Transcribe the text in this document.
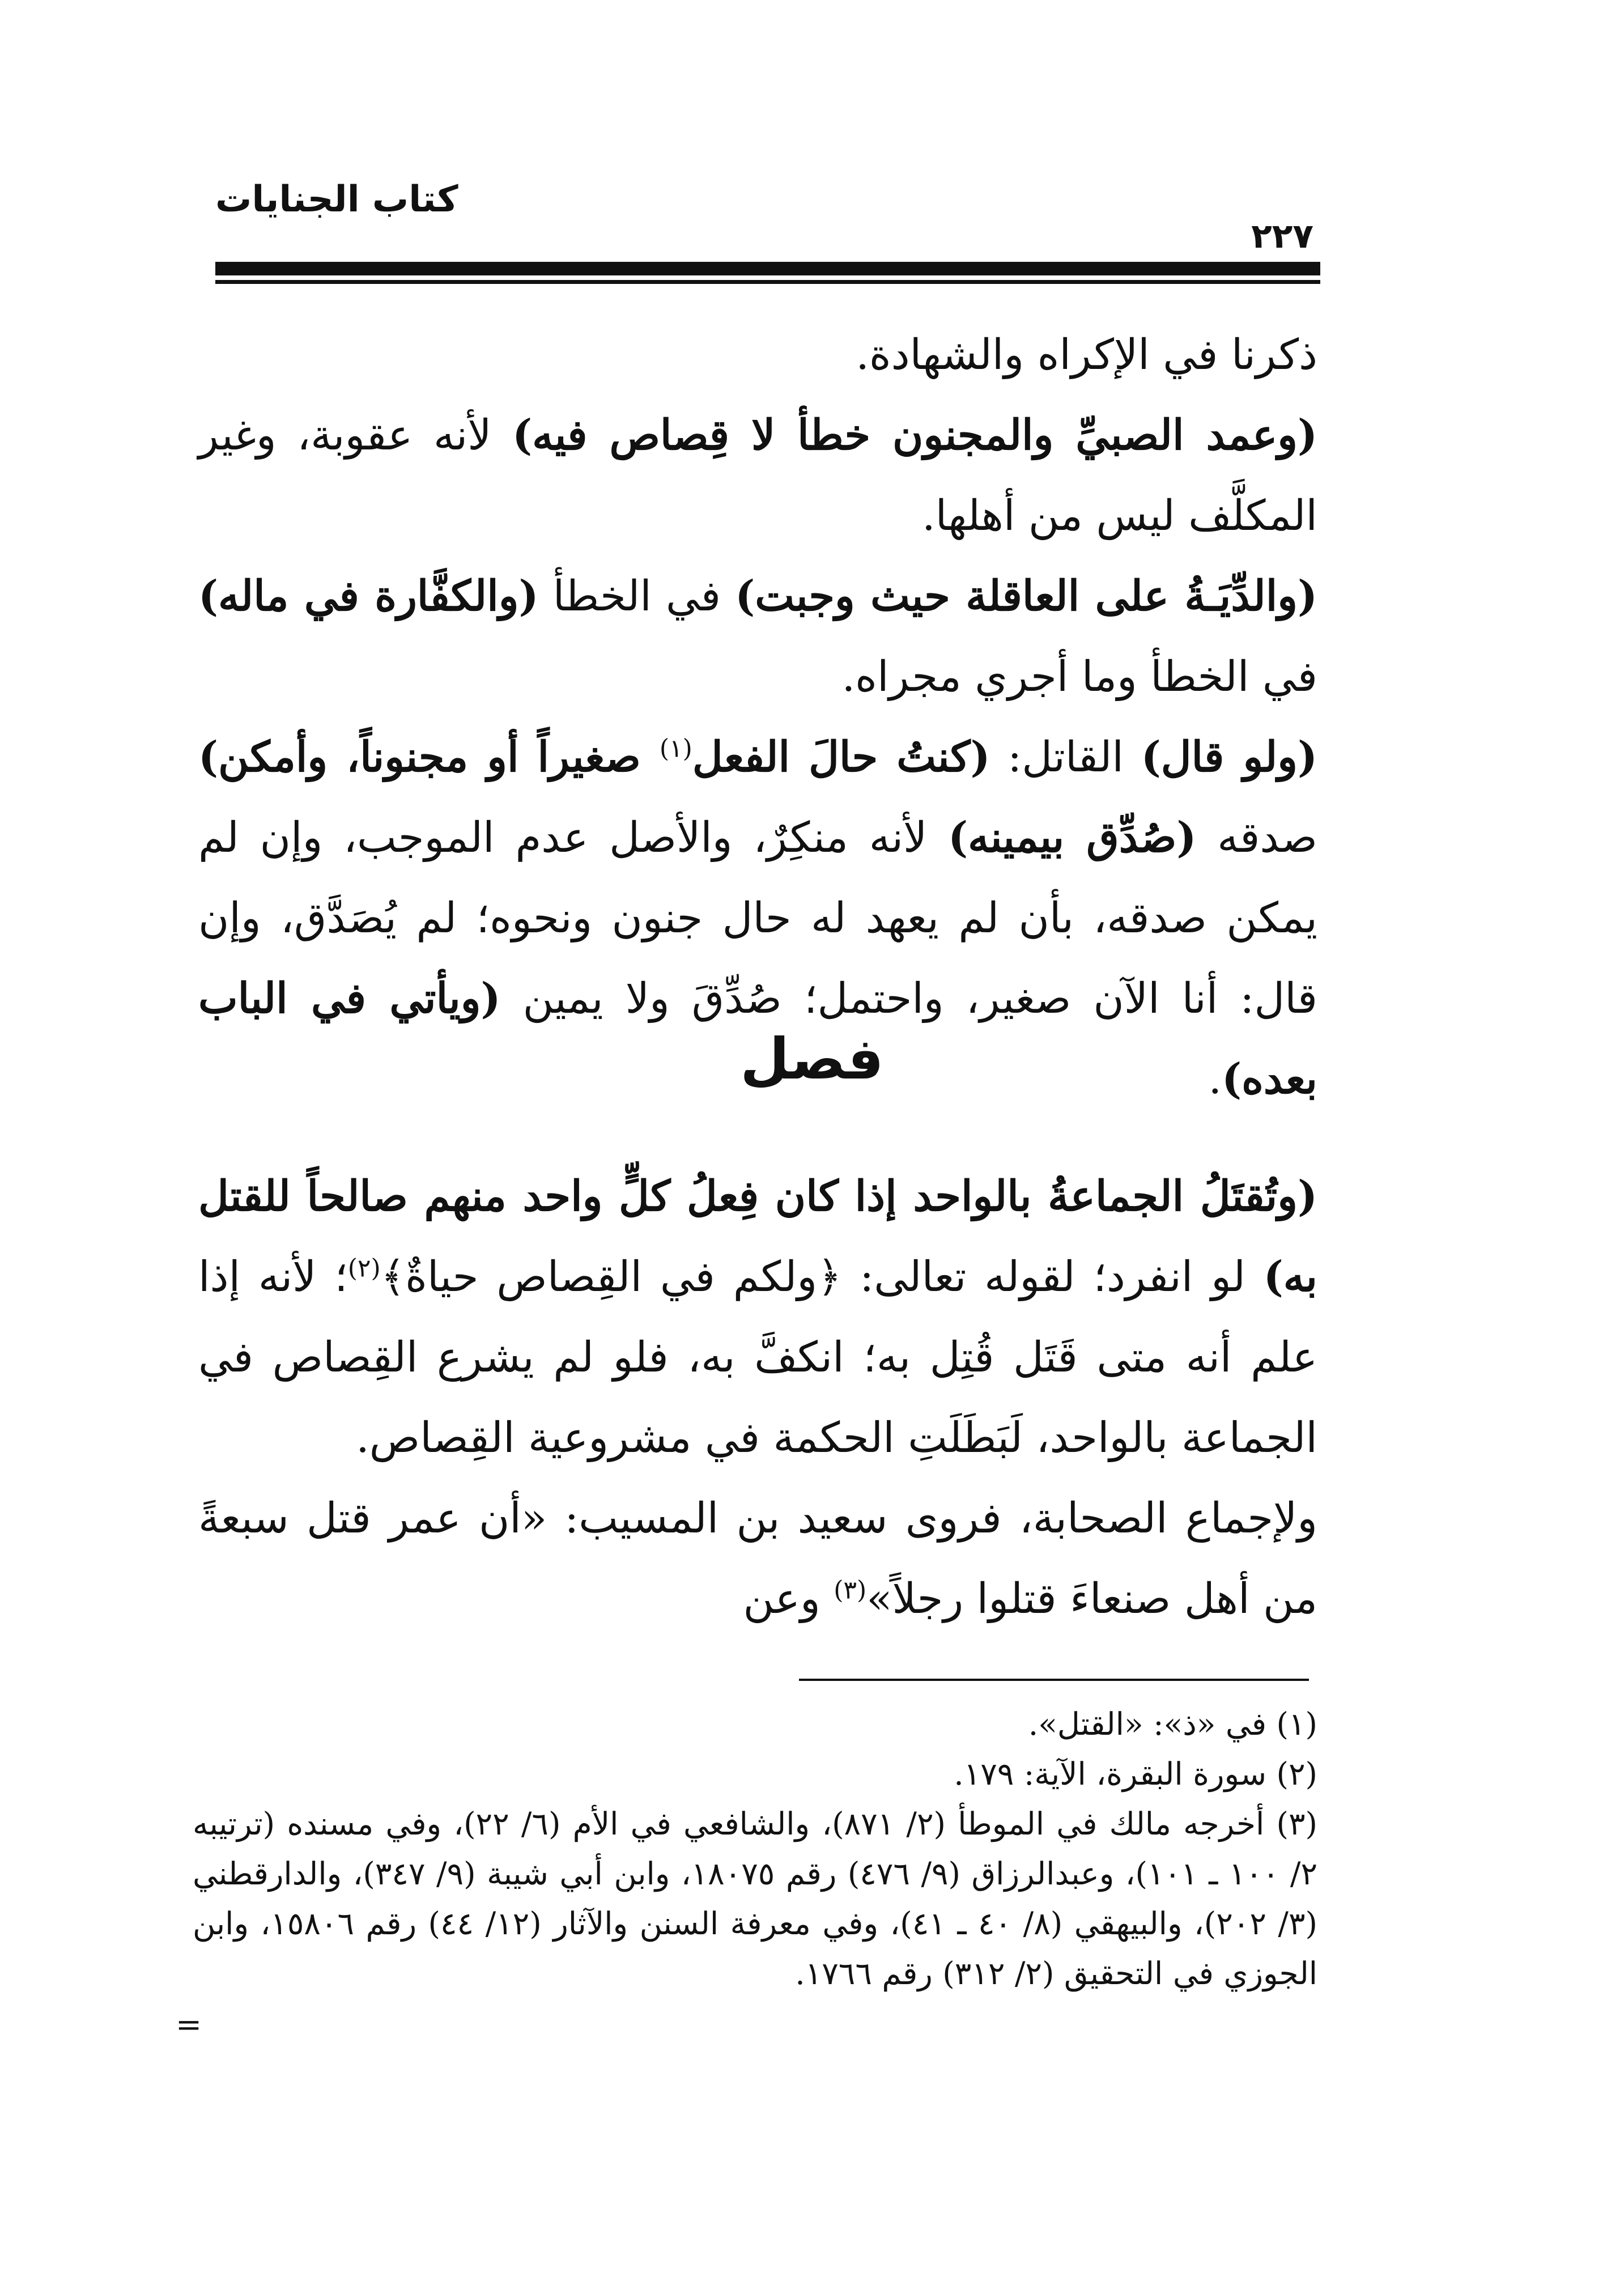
كتاب الجنايات
٢٢٧

ذكرنا في الإكراه والشهادة.

(وعمد الصبيِّ والمجنون خطأ لا قِصاص فيه) لأنه عقوبة، وغير المكلَّف ليس من أهلها.

(والدِّيَـةُ على العاقلة حيث وجبت) في الخطأ (والكفَّارة في ماله) في الخطأ وما أجري مجراه.

(ولو قال) القاتل: (كنتُ حالَ الفعل$^{(١)}$ صغيراً أو مجنوناً، وأمكن) صدقه (صُدِّق بيمينه) لأنه منكِرٌ، والأصل عدم الموجب، وإن لم يمكن صدقه، بأن لم يعهد له حال جنون ونحوه؛ لم يُصَدَّق، وإن قال: أنا الآن صغير، واحتمل؛ صُدِّقَ ولا يمين (ويأتي في الباب بعده).

فصل

(وتُقتَلُ الجماعةُ بالواحد إذا كان فِعلُ كلٍّ واحد منهم صالحاً للقتل به) لو انفرد؛ لقوله تعالى: ﴿ولكم في القِصاص حياةٌ﴾$^{(٢)}$؛ لأنه إذا علم أنه متى قَتَل قُتِل به؛ انكفَّ به، فلو لم يشرع القِصاص في الجماعة بالواحد، لَبَطَلَتِ الحكمة في مشروعية القِصاص.

ولإجماع الصحابة، فروى سعيد بن المسيب: «أن عمر قتل سبعةً من أهل صنعاءَ قتلوا رجلاً»$^{(٣)}$ وعن

(١) في «ذ»: «القتل».

(٢) سورة البقرة، الآية: ١٧٩.

(٣) أخرجه مالك في الموطأ (٢/ ٨٧١)، والشافعي في الأم (٦/ ٢٢)، وفي مسنده (ترتيبه ٢/ ١٠٠ ـ ١٠١)، وعبدالرزاق (٩/ ٤٧٦) رقم ١٨٠٧٥، وابن أبي شيبة (٩/ ٣٤٧)، والدارقطني (٣/ ٢٠٢)، والبيهقي (٨/ ٤٠ ـ ٤١)، وفي معرفة السنن والآثار (١٢/ ٤٤) رقم ١٥٨٠٦، وابن الجوزي في التحقيق (٢/ ٣١٢) رقم ١٧٦٦.

=
